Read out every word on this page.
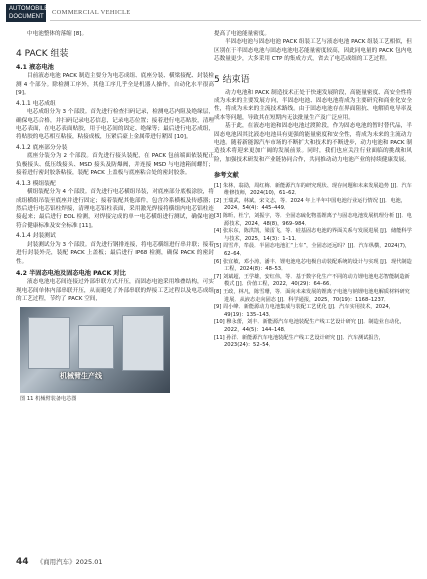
AUTOMOBILE
DOCUMENT
COMMERCIAL VEHICLE

中电池整体的落缩 [8]。

4 PACK 组装
4.1 液态电池

目前液态电池 PACK 制造主要分为电芯成组、底座分装、横梁接配、封装检测 4 个部分。除检测工序外，其他工序几乎全是机器人操作，自动化水平很高 [9]。

4.1.1 电芯成组

电芯成组分为 3 个部段。首先进行检查扫码记录，检测电芯内阻及绝缘层，确保电芯合格，并扫码记录电芯信息，记录电芯位置；接着进行电芯贴胶，清理电芯表面，在电芯表面贴胶，用于电芯间的固定、绝缘等；最后进行电芯成组，将贴胶的电芯相互粘接，粘接成板，压紧后豪上金属带进行紧固 [10]。

4.1.2 底座部分分装

底座分装分为 2 个部段。首先进行接头装配，在 PACK 包前端面依装配正负极接头、低压线接头、MSD 接头及防爆阀，并连接 MSD 与电池箱间螺钉；接着进行密封胶条粘接，装配 PACK 上盖板与底座粘合处的密封胶条。

4.1.3 模组装配

横组装配分为 4 个部段。首先进行电芯横组吊装，对底座部分底板涂胶，将成组横组吊装至底座并进行固定；接着装配其他部件，包含冷系横板及传感器；然后进行电芯铝柱焊接，清理电芯铝柱表面，采用激光焊接将横组内电芯铝柱连接起来；最后进行 EOL 检测，对焊接完成的单一电芯横组进行测试，确保电池符合健康标准及安全标准 [11]。

4.1.4 封装测试

封装测试分为 3 个部段。首先进行钢排连接，将电芯横组进行串并联；接着进行封装外壳，装配 PACK 上盖板；最后进行 IP68 检测，确保 PACK 的密封性。

4.2 半固态电池及固态电池 PACK 对比

液态电池电芯间连接过外部串联方式开压，而固态电池采用堆叠结构，可实现电芯间单体内部串联开压，从而避免了外部串联的焊接工艺过程以及电芯成组的工艺过程，节约了 PACK 空间，

机械臂生产线
图 11 机械臂装备电芯图

提高了电池能量密度。

半固态电池与固态电池 PACK 组装工艺与液态电池 PACK 组装工艺相似，但区别在于半固态电池与固态电池电芯能量密度较高，因此同电量的 PACK 包内电芯数量更少，大多采用 CTP 的集成方式，省去了电芯成组的工艺过程。

5 结束语

动力电池和 PACK 制造技术正处于快速发展阶段，高能量密度、高安全性将成为未来的主要发展方向，半固态电池、固态电池将成为主要研究和商业化安全性，将成为未来的主流技术路线。由于固态电池存在界面阻抗、电解质电导率及成本等问题，导致其在短期内无法批量生产及广泛应用。

基于此，在液态电池和固态电池过渡阶段，作为固态电池的暂时替代品，半固态电池因其比液态电池具有更强的能量密度和安全性，将成为未来的主流动力电池。随着新能源汽车市场的不断扩大和技术的不断进步，动力电池和 PACK 制造技术将迎来更加广阔的发展前景。同时，我们也应关注行业面临的挑战和风险，加强技术研发和产业链协同合作，共同推动动力电池产业的持续健康发展。

参考文献
[1] 朱林，翁劭，周红梅．新能源汽车的研究现状、现存问题和未来发展趋势 [J]．汽车维修技师，2024(10)，61–62．
[2] 王瑞武，林斌，宋文志，等．2024 年上半年中国电池行业运行情况 [J]．电池，2024，54(4)：445–449．
[3] 陈昕，杜宁，刘振宇，等．全固态硫化物基锂离子与固态电池发展机理分析 [J]．电源技术，2024，48(8)，969–984．
[4] 张东东，陈洪凯，梁雷飞，等．硅基固态电池的界面关系与发展进展 [J]．储能科学与技术，2025，14(3)：1–11．
[5] 周雪芹，牟晨．半固态电池汇“上车”，全固态还远吗？[J]．汽车纵横，2024(7)，62–64．
[6] 张宜敏，邓小涛，潘丰．锂电池电芯电极自动装配系统的设计与实现 [J]．现代制造工程，2024(8)：48–53．
[7] 刘斌超，王学雄，安红伟，等．基于数字化生产不同的动力锂电池电芯智能制造新模式 [J]．价值工程，2022，40(29)：64–66．
[8] 王政，林凡，陈雪珊，等．面向未来发展的锂离子电池与钠锂电池电解质材料研究进展．从液态走向固态 [J]．科学通报，2025，70(19)：1168–1237．
[9] 周小峰．新能源动力电池集成与装配工艺优化 [J]．汽车实用技术，2024，49(19)：135–143．
[10] 穆永蕾，刘丰．新能源汽车电池装配生产线工艺设计研究 [J]．制造业自动化，2022，44(5)：144–148．
[11] 孙洋．新能源汽车电池装配生产线工艺设计研究 [J]．汽车测试报告，2023(24)：52–54．
44 《商用汽车》2025.01
